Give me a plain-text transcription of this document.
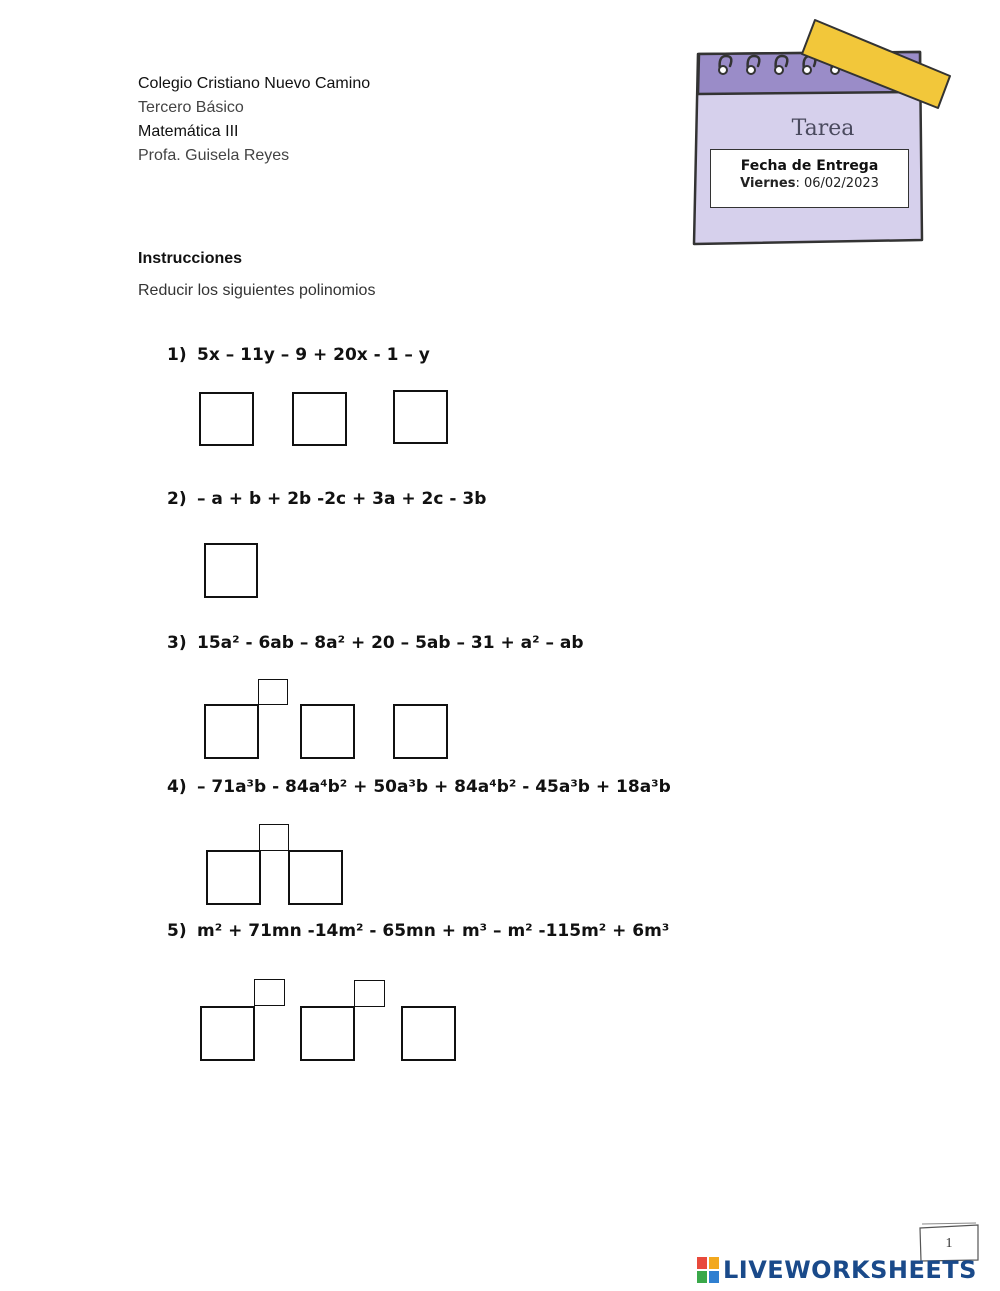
Colegio Cristiano Nuevo Camino
Tercero Básico
Matemática III
Profa. Guisela Reyes
Tarea
Fecha de Entrega
Viernes: 06/02/2023
Instrucciones
Reducir los siguientes polinomios
1) 5x – 11y – 9 + 20x - 1 – y
2) – a + b + 2b -2c + 3a + 2c - 3b
3) 15a² - 6ab – 8a² + 20 – 5ab – 31 + a² – ab
4) – 71a³b - 84a⁴b² + 50a³b + 84a⁴b² - 45a³b + 18a³b
5) m² + 71mn -14m² - 65mn + m³ – m² -115m² + 6m³
1
LIVEWORKSHEETS
